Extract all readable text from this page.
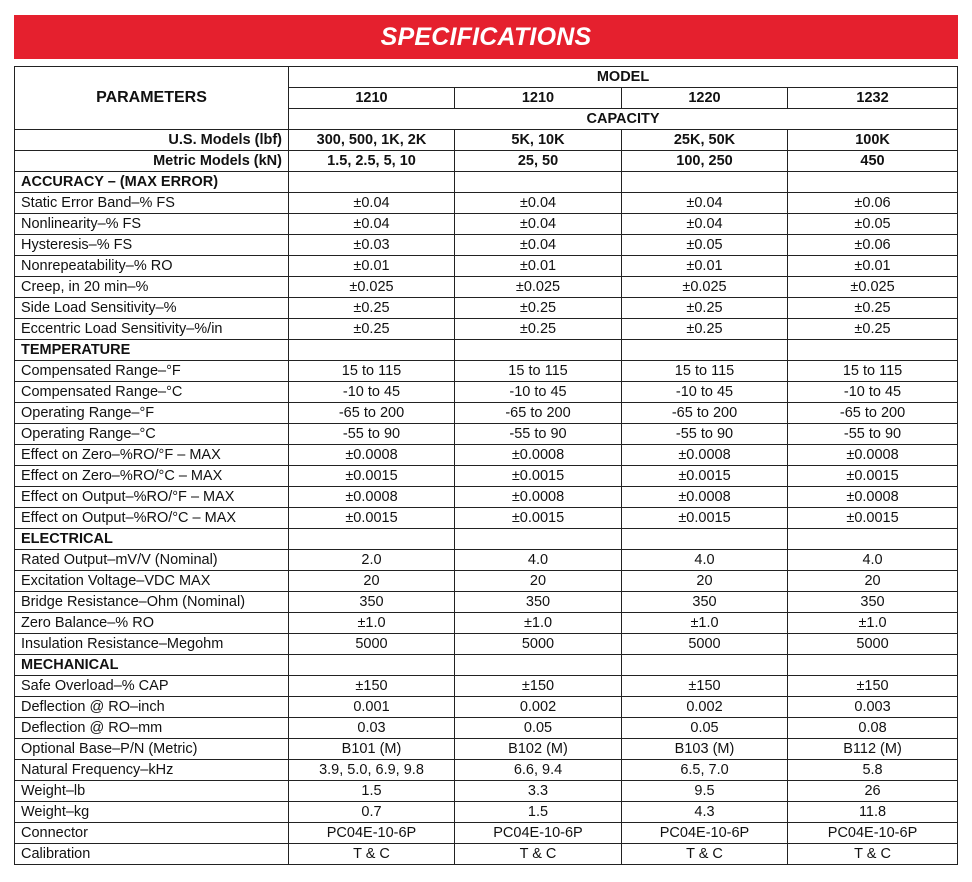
SPECIFICATIONS
PARAMETERS	MODEL			
	1210	1210	1220	1232
	CAPACITY			
U.S. Models (lbf)	300, 500, 1K, 2K	5K, 10K	25K, 50K	100K
Metric Models (kN)	1.5, 2.5, 5, 10	25, 50	100, 250	450
ACCURACY – (MAX ERROR)				
Static Error Band–% FS	±0.04	±0.04	±0.04	±0.06
Nonlinearity–% FS	±0.04	±0.04	±0.04	±0.05
Hysteresis–% FS	±0.03	±0.04	±0.05	±0.06
Nonrepeatability–% RO	±0.01	±0.01	±0.01	±0.01
Creep, in 20 min–%	±0.025	±0.025	±0.025	±0.025
Side Load Sensitivity–%	±0.25	±0.25	±0.25	±0.25
Eccentric Load Sensitivity–%/in	±0.25	±0.25	±0.25	±0.25
TEMPERATURE				
Compensated Range–°F	15 to 115	15 to 115	15 to 115	15 to 115
Compensated Range–°C	-10 to 45	-10 to 45	-10 to 45	-10 to 45
Operating Range–°F	-65 to 200	-65 to 200	-65 to 200	-65 to 200
Operating Range–°C	-55 to 90	-55 to 90	-55 to 90	-55 to 90
Effect on Zero–%RO/°F – MAX	±0.0008	±0.0008	±0.0008	±0.0008
Effect on Zero–%RO/°C – MAX	±0.0015	±0.0015	±0.0015	±0.0015
Effect on Output–%RO/°F – MAX	±0.0008	±0.0008	±0.0008	±0.0008
Effect on Output–%RO/°C – MAX	±0.0015	±0.0015	±0.0015	±0.0015
ELECTRICAL				
Rated Output–mV/V (Nominal)	2.0	4.0	4.0	4.0
Excitation Voltage–VDC MAX	20	20	20	20
Bridge Resistance–Ohm (Nominal)	350	350	350	350
Zero Balance–% RO	±1.0	±1.0	±1.0	±1.0
Insulation Resistance–Megohm	5000	5000	5000	5000
MECHANICAL				
Safe Overload–% CAP	±150	±150	±150	±150
Deflection @ RO–inch	0.001	0.002	0.002	0.003
Deflection @ RO–mm	0.03	0.05	0.05	0.08
Optional Base–P/N (Metric)	B101 (M)	B102 (M)	B103 (M)	B112 (M)
Natural Frequency–kHz	3.9, 5.0, 6.9, 9.8	6.6, 9.4	6.5, 7.0	5.8
Weight–lb	1.5	3.3	9.5	26
Weight–kg	0.7	1.5	4.3	11.8
Connector	PC04E-10-6P	PC04E-10-6P	PC04E-10-6P	PC04E-10-6P
Calibration	T & C	T & C	T & C	T & C
